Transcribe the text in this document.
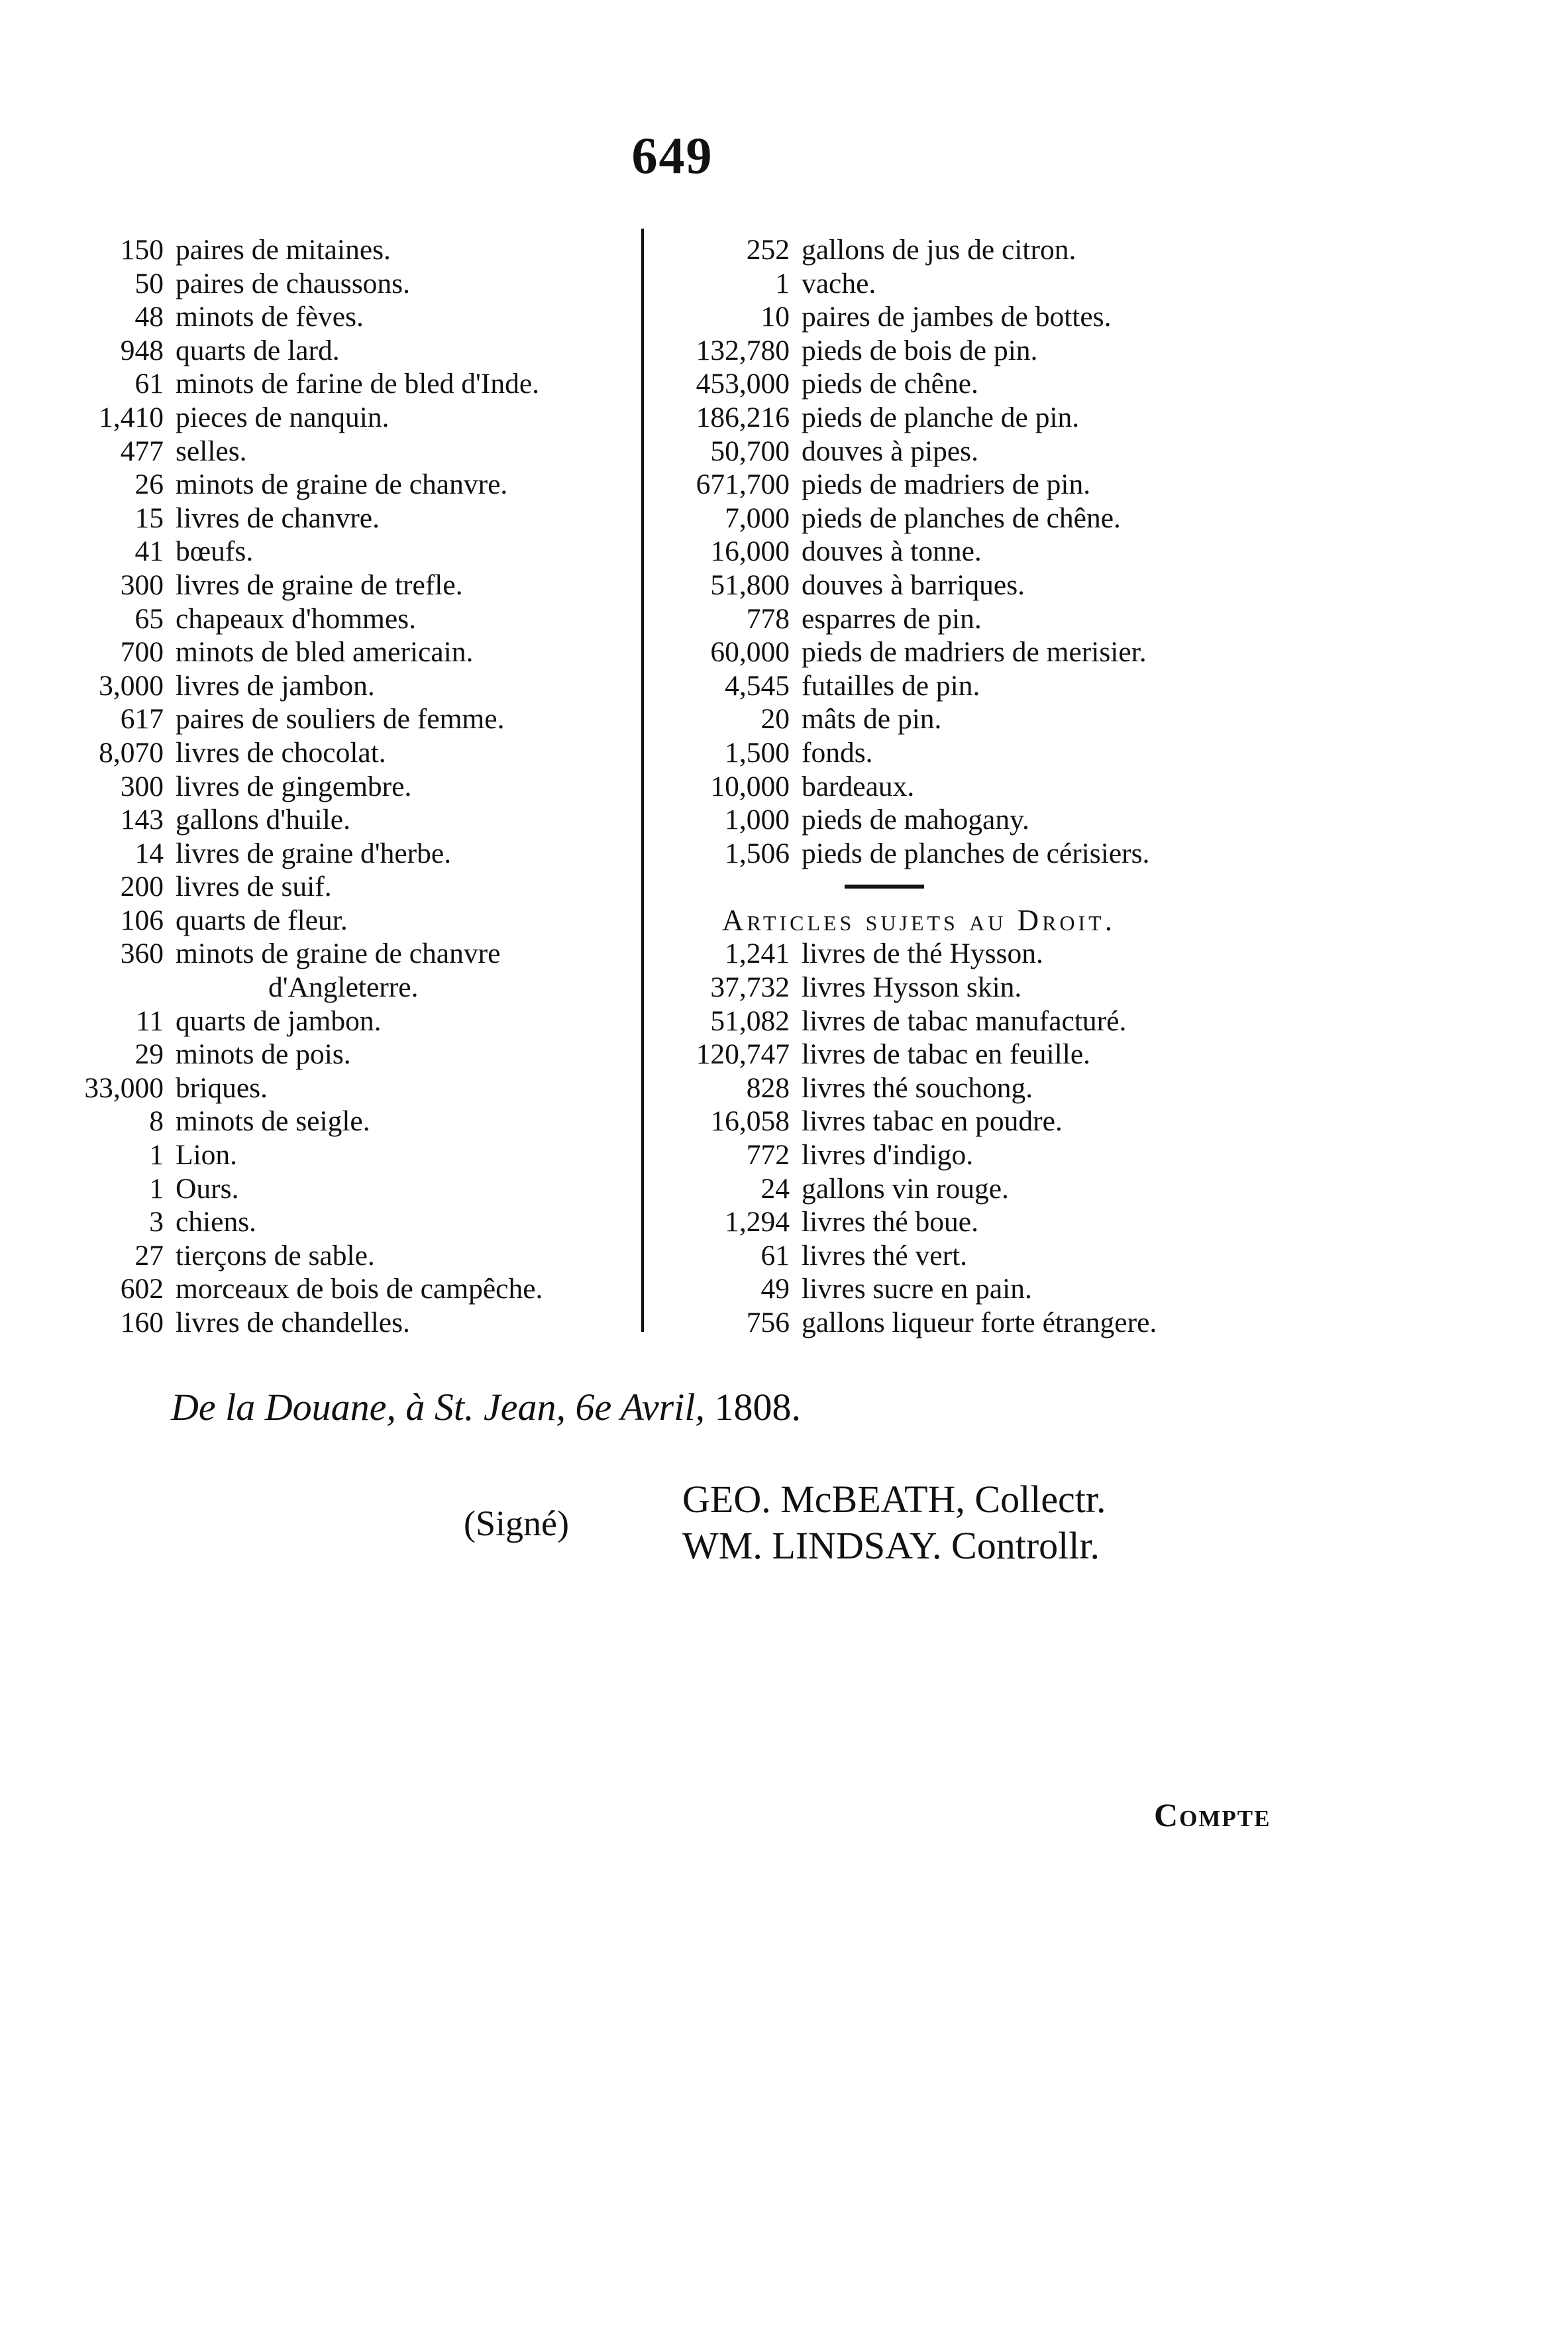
649
150 paires de mitaines.
50 paires de chaussons.
48 minots de fèves.
948 quarts de lard.
61 minots de farine de bled d'Inde.
1,410 pieces de nanquin.
477 selles.
26 minots de graine de chanvre.
15 livres de chanvre.
41 bœufs.
300 livres de graine de trefle.
65 chapeaux d'hommes.
700 minots de bled americain.
3,000 livres de jambon.
617 paires de souliers de femme.
8,070 livres de chocolat.
300 livres de gingembre.
143 gallons d'huile.
14 livres de graine d'herbe.
200 livres de suif.
106 quarts de fleur.
360 minots de graine de chanvre
d'Angleterre.
11 quarts de jambon.
29 minots de pois.
33,000 briques.
8 minots de seigle.
1 Lion.
1 Ours.
3 chiens.
27 tierçons de sable.
602 morceaux de bois de campêche.
160 livres de chandelles.
252 gallons de jus de citron.
1 vache.
10 paires de jambes de bottes.
132,780 pieds de bois de pin.
453,000 pieds de chêne.
186,216 pieds de planche de pin.
50,700 douves à pipes.
671,700 pieds de madriers de pin.
7,000 pieds de planches de chêne.
16,000 douves à tonne.
51,800 douves à barriques.
778 esparres de pin.
60,000 pieds de madriers de merisier.
4,545 futailles de pin.
20 mâts de pin.
1,500 fonds.
10,000 bardeaux.
1,000 pieds de mahogany.
1,506 pieds de planches de cérisiers.
Articles sujets au Droit.
1,241 livres de thé Hysson.
37,732 livres Hysson skin.
51,082 livres de tabac manufacturé.
120,747 livres de tabac en feuille.
828 livres thé souchong.
16,058 livres tabac en poudre.
772 livres d'indigo.
24 gallons vin rouge.
1,294 livres thé boue.
61 livres thé vert.
49 livres sucre en pain.
756 gallons liqueur forte étrangere.
De la Douane, à St. Jean, 6e Avril, 1808.
(Signé)
GEO. McBEATH, Collectr.
WM. LINDSAY. Controllr.
Compte
